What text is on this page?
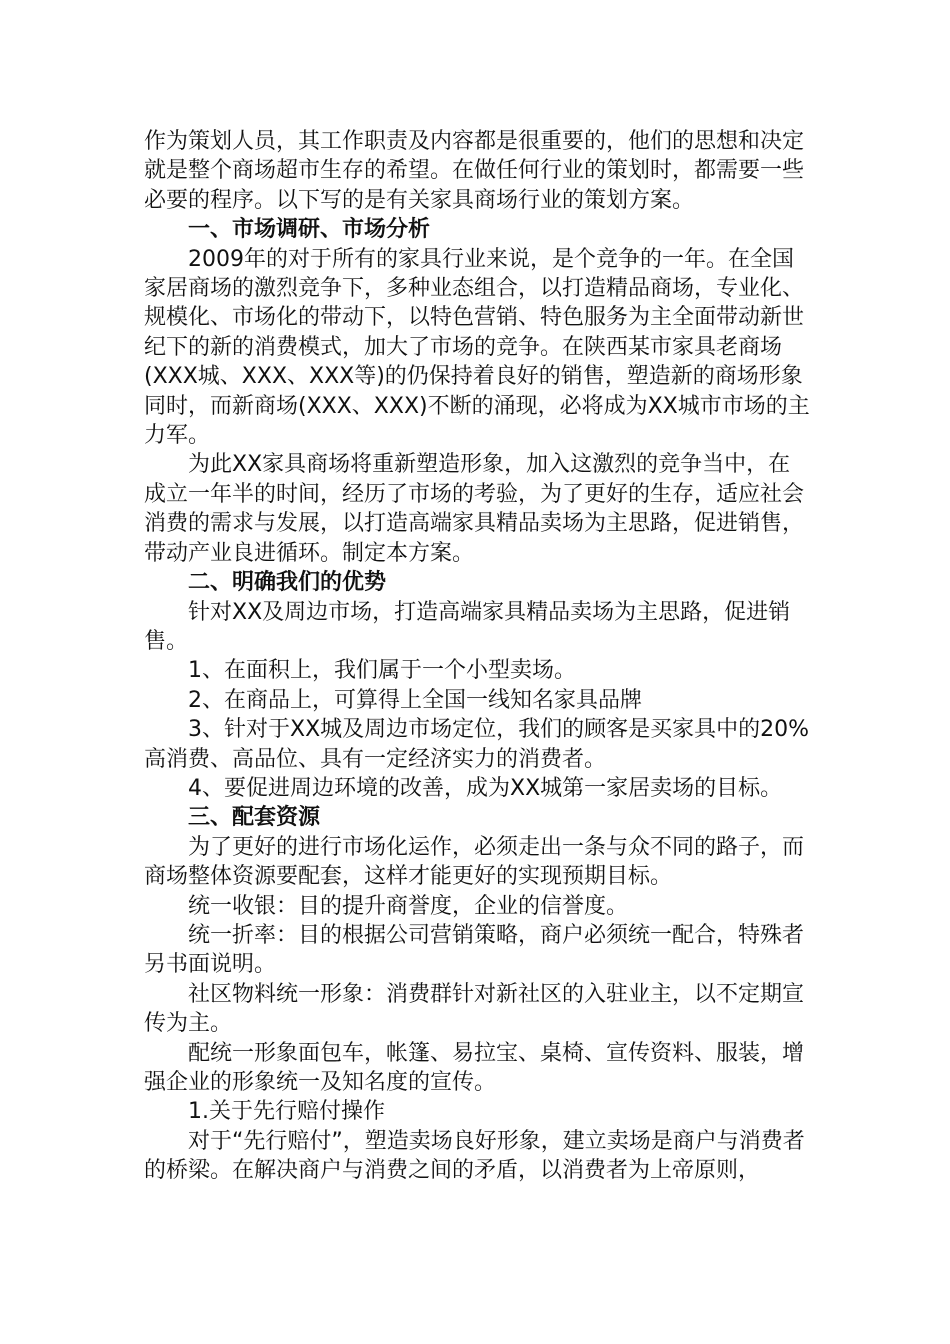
作为策划人员，其工作职责及内容都是很重要的，他们的思想和决定就是整个商场超市生存的希望。在做任何行业的策划时，都需要一些必要的程序。以下写的是有关家具商场行业的策划方案。

一、市场调研、市场分析

2009年的对于所有的家具行业来说，是个竞争的一年。在全国家居商场的激烈竞争下，多种业态组合，以打造精品商场，专业化、规模化、市场化的带动下，以特色营销、特色服务为主全面带动新世纪下的新的消费模式，加大了市场的竞争。在陕西某市家具老商场(XXX城、XXX、XXX等)的仍保持着良好的销售，塑造新的商场形象同时，而新商场(XXX、XXX)不断的涌现，必将成为XX城市市场的主力军。

为此XX家具商场将重新塑造形象，加入这激烈的竞争当中，在成立一年半的时间，经历了市场的考验，为了更好的生存，适应社会消费的需求与发展，以打造高端家具精品卖场为主思路，促进销售，带动产业良进循环。制定本方案。

二、明确我们的优势

针对XX及周边市场，打造高端家具精品卖场为主思路，促进销售。

1、在面积上，我们属于一个小型卖场。

2、在商品上，可算得上全国一线知名家具品牌

3、针对于XX城及周边市场定位，我们的顾客是买家具中的20%高消费、高品位、具有一定经济实力的消费者。

4、要促进周边环境的改善，成为XX城第一家居卖场的目标。

三、配套资源

为了更好的进行市场化运作，必须走出一条与众不同的路子，而商场整体资源要配套，这样才能更好的实现预期目标。

统一收银：目的提升商誉度，企业的信誉度。

统一折率：目的根据公司营销策略，商户必须统一配合，特殊者另书面说明。

社区物料统一形象：消费群针对新社区的入驻业主，以不定期宣传为主。

配统一形象面包车，帐篷、易拉宝、桌椅、宣传资料、服装，增强企业的形象统一及知名度的宣传。

1.关于先行赔付操作

对于“先行赔付”，塑造卖场良好形象，建立卖场是商户与消费者的桥梁。在解决商户与消费之间的矛盾，以消费者为上帝原则，
